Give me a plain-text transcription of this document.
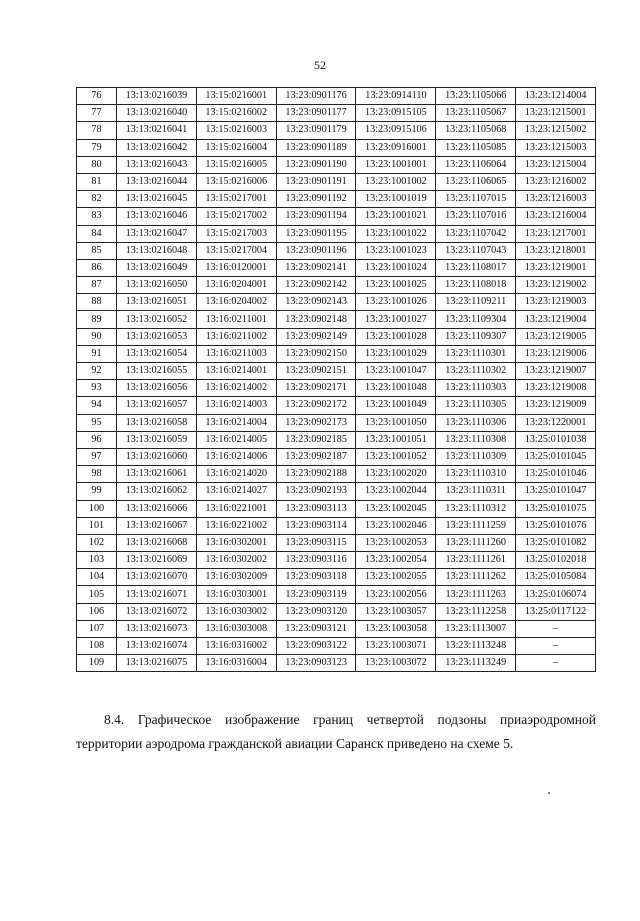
52
76	13:13:0216039	13:15:0216001	13:23:0901176	13:23:0914110	13:23:1105066	13:23:1214004
77	13:13:0216040	13:15:0216002	13:23:0901177	13:23:0915105	13:23:1105067	13:23:1215001
78	13:13:0216041	13:15:0216003	13:23:0901179	13:23:0915106	13:23:1105068	13:23:1215002
79	13:13:0216042	13:15:0216004	13:23:0901189	13:23:0916001	13:23:1105085	13:23:1215003
80	13:13:0216043	13:15:0216005	13:23:0901190	13:23:1001001	13:23:1106064	13:23:1215004
81	13:13:0216044	13:15:0216006	13:23:0901191	13:23:1001002	13:23:1106065	13:23:1216002
82	13:13:0216045	13:15:0217001	13:23:0901192	13:23:1001019	13:23:1107015	13:23:1216003
83	13:13:0216046	13:15:0217002	13:23:0901194	13:23:1001021	13:23:1107016	13:23:1216004
84	13:13:0216047	13:15:0217003	13:23:0901195	13:23:1001022	13:23:1107042	13:23:1217001
85	13:13:0216048	13:15:0217004	13:23:0901196	13:23:1001023	13:23:1107043	13:23:1218001
86	13:13:0216049	13:16:0120001	13:23:0902141	13:23:1001024	13:23:1108017	13:23:1219001
87	13:13:0216050	13:16:0204001	13:23:0902142	13:23:1001025	13:23:1108018	13:23:1219002
88	13:13:0216051	13:16:0204002	13:23:0902143	13:23:1001026	13:23:1109211	13:23:1219003
89	13:13:0216052	13:16:0211001	13:23:0902148	13:23:1001027	13:23:1109304	13:23:1219004
90	13:13:0216053	13:16:0211002	13:23:0902149	13:23:1001028	13:23:1109307	13:23:1219005
91	13:13:0216054	13:16:0211003	13:23:0902150	13:23:1001029	13:23:1110301	13:23:1219006
92	13:13:0216055	13:16:0214001	13:23:0902151	13:23:1001047	13:23:1110302	13:23:1219007
93	13:13:0216056	13:16:0214002	13:23:0902171	13:23:1001048	13:23:1110303	13:23:1219008
94	13:13:0216057	13:16:0214003	13:23:0902172	13:23:1001049	13:23:1110305	13:23:1219009
95	13:13:0216058	13:16:0214004	13:23:0902173	13:23:1001050	13:23:1110306	13:23:1220001
96	13:13:0216059	13:16:0214005	13:23:0902185	13:23:1001051	13:23:1110308	13:25:0101038
97	13:13:0216060	13:16:0214006	13:23:0902187	13:23:1001052	13:23:1110309	13:25:0101045
98	13:13:0216061	13:16:0214020	13:23:0902188	13:23:1002020	13:23:1110310	13:25:0101046
99	13:13:0216062	13:16:0214027	13:23:0902193	13:23:1002044	13:23:1110311	13:25:0101047
100	13:13:0216066	13:16:0221001	13:23:0903113	13:23:1002045	13:23:1110312	13:25:0101075
101	13:13:0216067	13:16:0221002	13:23:0903114	13:23:1002046	13:23:1111259	13:25:0101076
102	13:13:0216068	13:16:0302001	13:23:0903115	13:23:1002053	13:23:1111260	13:25:0101082
103	13:13:0216069	13:16:0302002	13:23:0903116	13:23:1002054	13:23:1111261	13:25:0102018
104	13:13:0216070	13:16:0302009	13:23:0903118	13:23:1002055	13:23:1111262	13:25:0105084
105	13:13:0216071	13:16:0303001	13:23:0903119	13:23:1002056	13:23:1111263	13:25:0106074
106	13:13:0216072	13:16:0303002	13:23:0903120	13:23:1003057	13:23:1112258	13:25:0117122
107	13:13:0216073	13:16:0303008	13:23:0903121	13:23:1003058	13:23:1113007	–
108	13:13:0216074	13:16:0316002	13:23:0903122	13:23:1003071	13:23:1113248	–
109	13:13:0216075	13:16:0316004	13:23:0903123	13:23:1003072	13:23:1113249	–
8.4. Графическое изображение границ четвертой подзоны приаэродромной территории аэродрома гражданской авиации Саранск приведено на схеме 5.
